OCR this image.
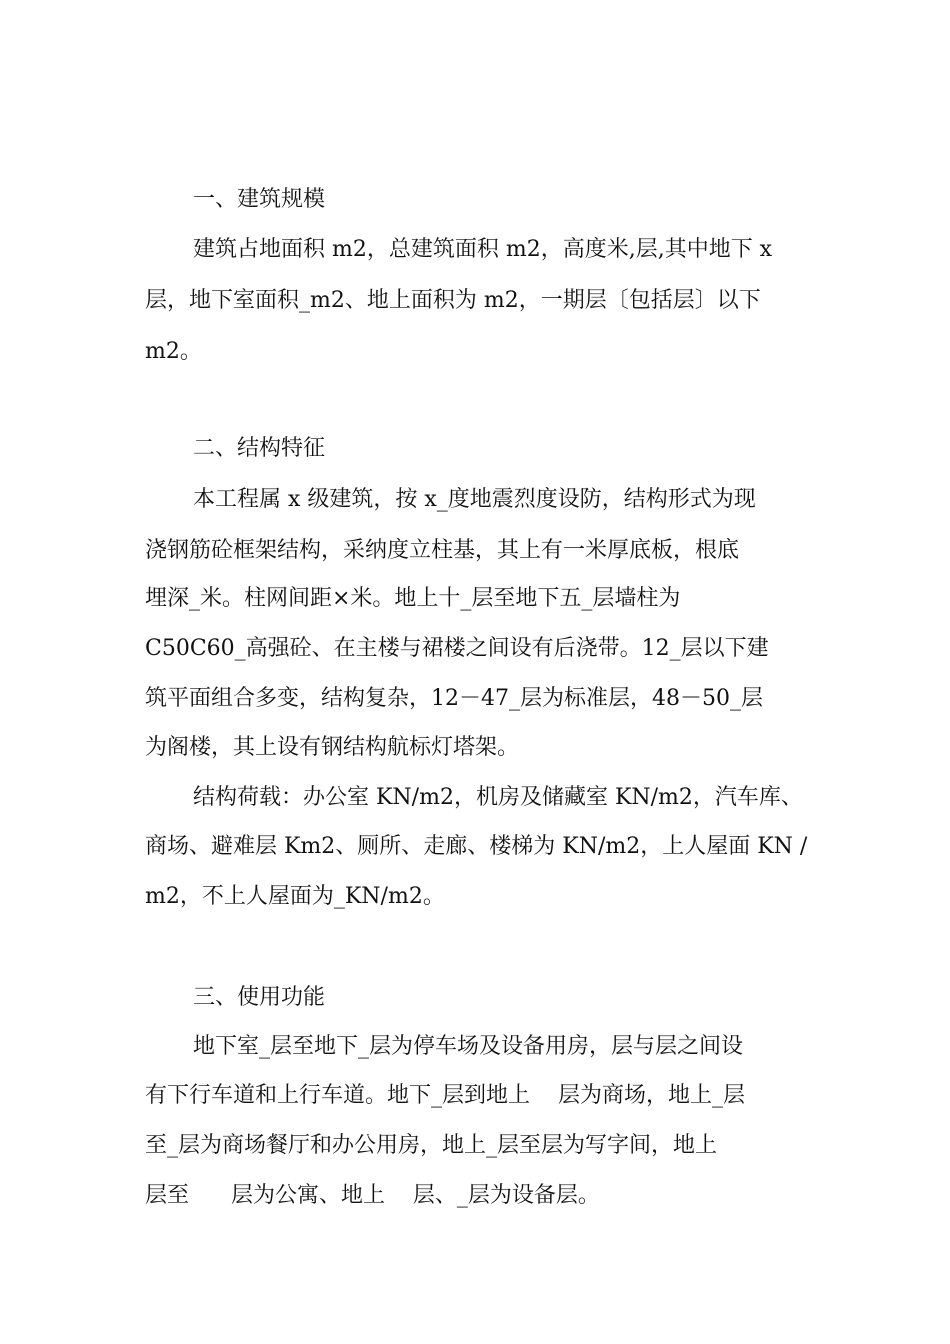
一、建筑规模
建筑占地面积 m2，总建筑面积 m2，高度米,层,其中地下 x
层，地下室面积_m2、地上面积为 m2，一期层〔包括层〕以下
m2。
二、结构特征
本工程属 x 级建筑，按 x_度地震烈度设防，结构形式为现
浇钢筋砼框架结构，采纳度立柱基，其上有一米厚底板，根底
埋深_米。柱网间距×米。地上十_层至地下五_层墙柱为
C50C60_高强砼、在主楼与裙楼之间设有后浇带。12_层以下建
筑平面组合多变，结构复杂，12－47_层为标准层，48－50_层
为阁楼，其上设有钢结构航标灯塔架。
结构荷载：办公室 KN/m2，机房及储藏室 KN/m2，汽车库、
商场、避难层 Km2、厕所、走廊、楼梯为 KN/m2，上人屋面 KN /
m2，不上人屋面为_KN/m2。
三、使用功能
地下室_层至地下_层为停车场及设备用房，层与层之间设
有下行车道和上行车道。地下_层到地上    层为商场，地上_层
至_层为商场餐厅和办公用房，地上_层至层为写字间，地上
层至      层为公寓、地上    层、_层为设备层。
